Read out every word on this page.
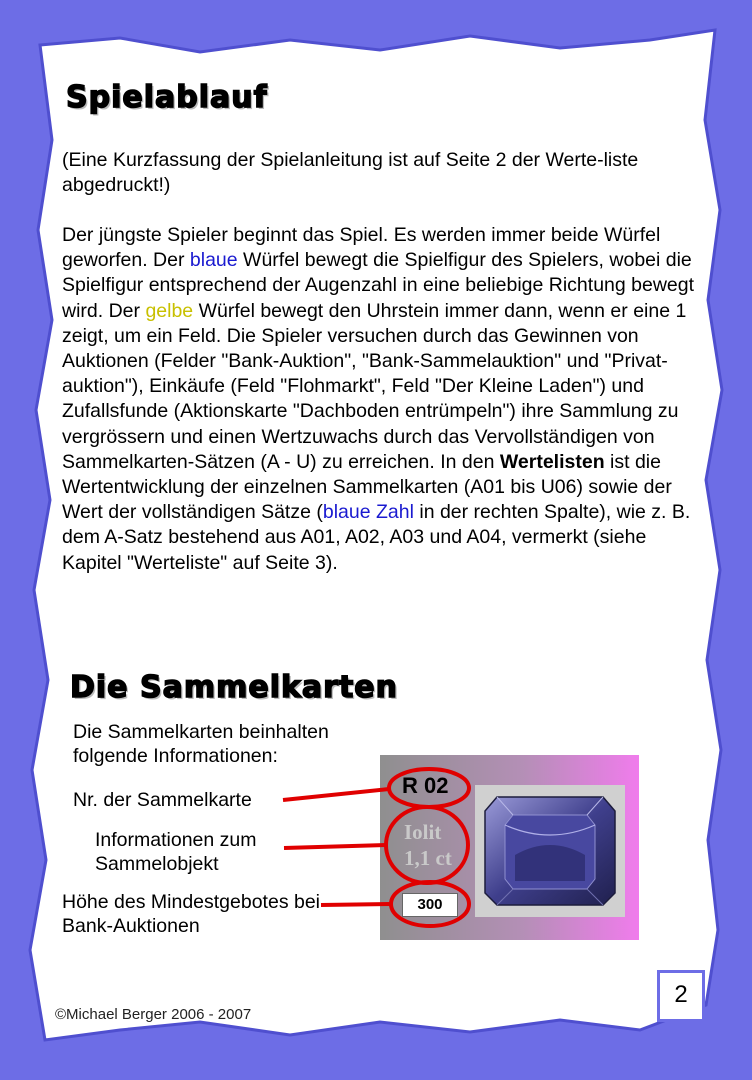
Spielablauf

(Eine Kurzfassung der Spielanleitung ist auf Seite 2 der Werte-liste abgedruckt!)

Der jüngste Spieler beginnt das Spiel. Es werden immer beide Würfel geworfen. Der blaue Würfel bewegt die Spielfigur des Spielers, wobei die Spielfigur entsprechend der Augenzahl in eine beliebige Richtung bewegt wird. Der gelbe Würfel bewegt den Uhrstein immer dann, wenn er eine 1 zeigt, um ein Feld. Die Spieler versuchen durch das Gewinnen von Auktionen (Felder "Bank-Auktion", "Bank-Sammelauktion" und "Privat-auktion"), Einkäufe (Feld "Flohmarkt", Feld "Der Kleine Laden") und Zufallsfunde (Aktionskarte "Dachboden entrümpeln") ihre Sammlung zu vergrössern und einen Wertzuwachs durch das Vervollständigen von Sammelkarten-Sätzen (A - U) zu erreichen. In den Wertelisten ist die Wertentwicklung der einzelnen Sammelkarten (A01 bis U06) sowie der Wert der vollständigen Sätze (blaue Zahl in der rechten Spalte), wie z. B. dem A-Satz bestehend aus A01, A02, A03 und A04, vermerkt (siehe Kapitel "Werteliste" auf Seite 3).

Die Sammelkarten
Die Sammelkarten beinhalten folgende Informationen:
Nr. der Sammelkarte
Informationen zum Sammelobjekt
Höhe des Mindestgebotes bei Bank-Auktionen
R 02
Iolit
1,1 ct
300
©Michael Berger 2006 - 2007
2
